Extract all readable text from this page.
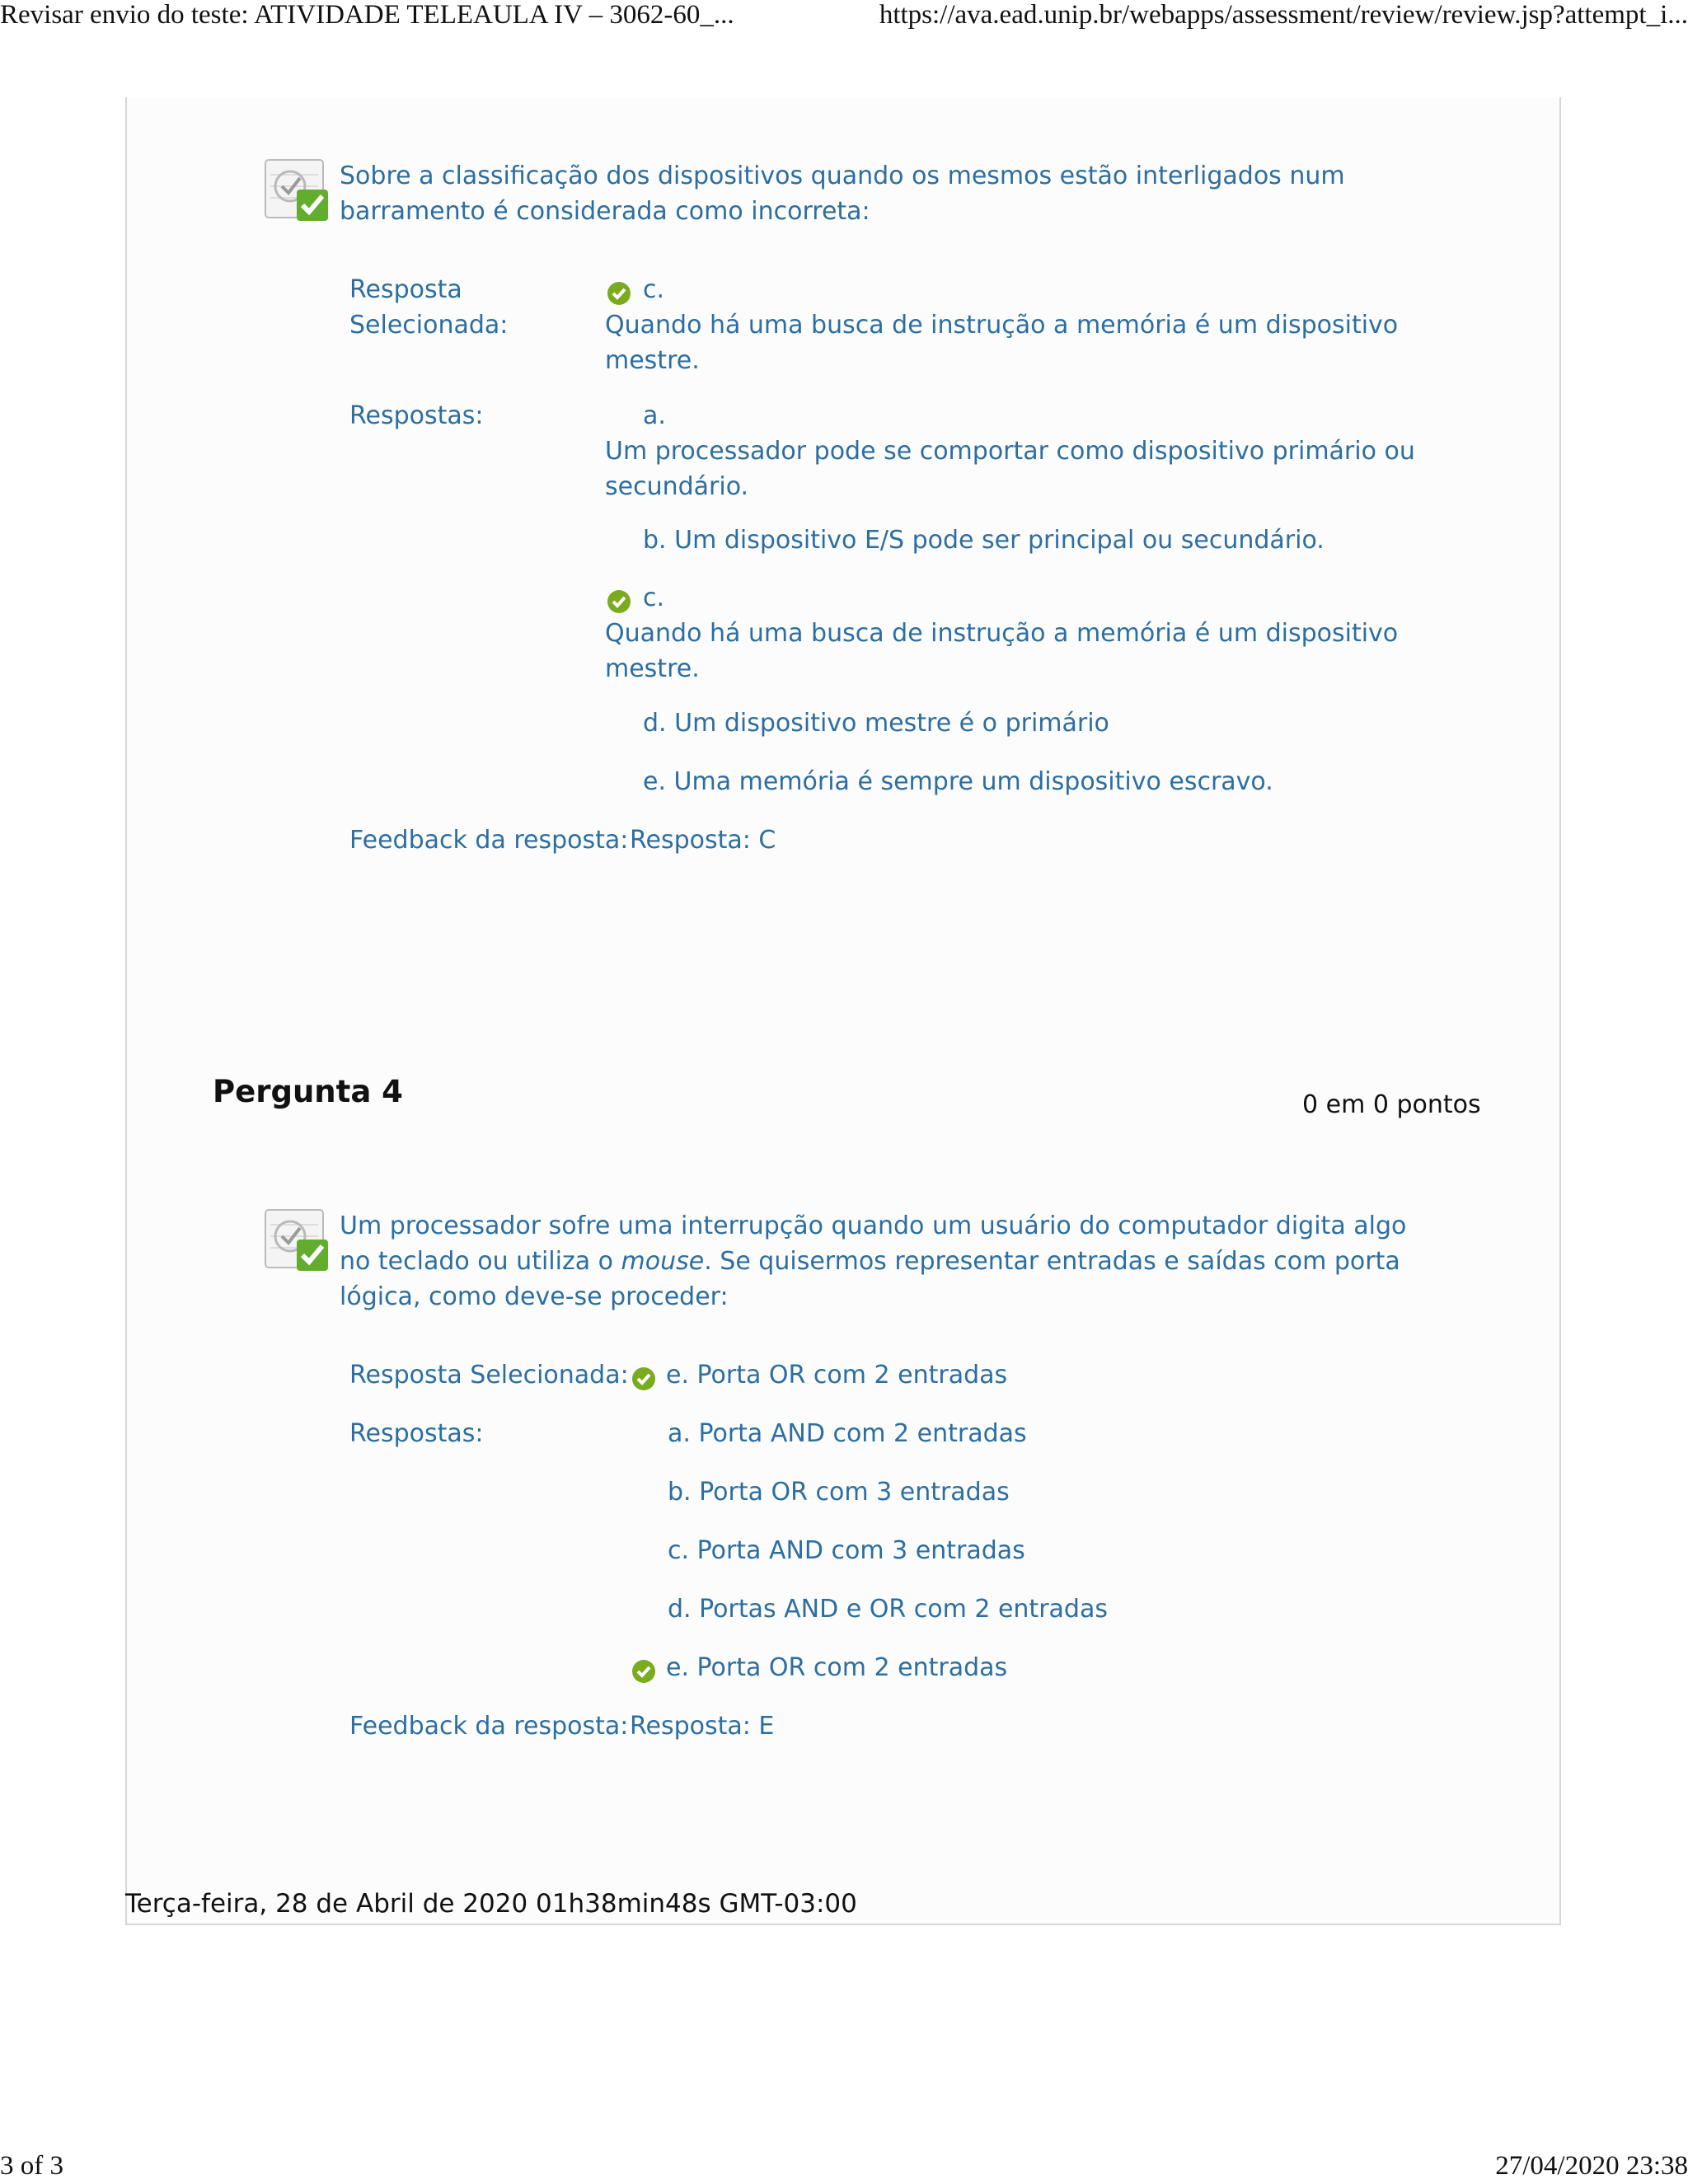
Revisar envio do teste: ATIVIDADE TELEAULA IV – 3062-60_...	https://ava.ead.unip.br/webapps/assessment/review/review.jsp?attempt_i...
Sobre a classificação dos dispositivos quando os mesmos estão interligados num barramento é considerada como incorreta:
Resposta
Selecionada:
c.
Quando há uma busca de instrução a memória é um dispositivo mestre.
Respostas:	a.
Um processador pode se comportar como dispositivo primário ou secundário.
b. Um dispositivo E/S pode ser principal ou secundário.
c.
Quando há uma busca de instrução a memória é um dispositivo mestre.
d. Um dispositivo mestre é o primário
e. Uma memória é sempre um dispositivo escravo.
Feedback da resposta: Resposta: C
Pergunta 4	0 em 0 pontos
Um processador sofre uma interrupção quando um usuário do computador digita algo no teclado ou utiliza o mouse. Se quisermos representar entradas e saídas com porta lógica, como deve-se proceder:
Resposta Selecionada: e. Porta OR com 2 entradas
Respostas:	a. Porta AND com 2 entradas
b. Porta OR com 3 entradas
c. Porta AND com 3 entradas
d. Portas AND e OR com 2 entradas
e. Porta OR com 2 entradas
Feedback da resposta: Resposta: E
Terça-feira, 28 de Abril de 2020 01h38min48s GMT-03:00
3 of 3	27/04/2020 23:38
